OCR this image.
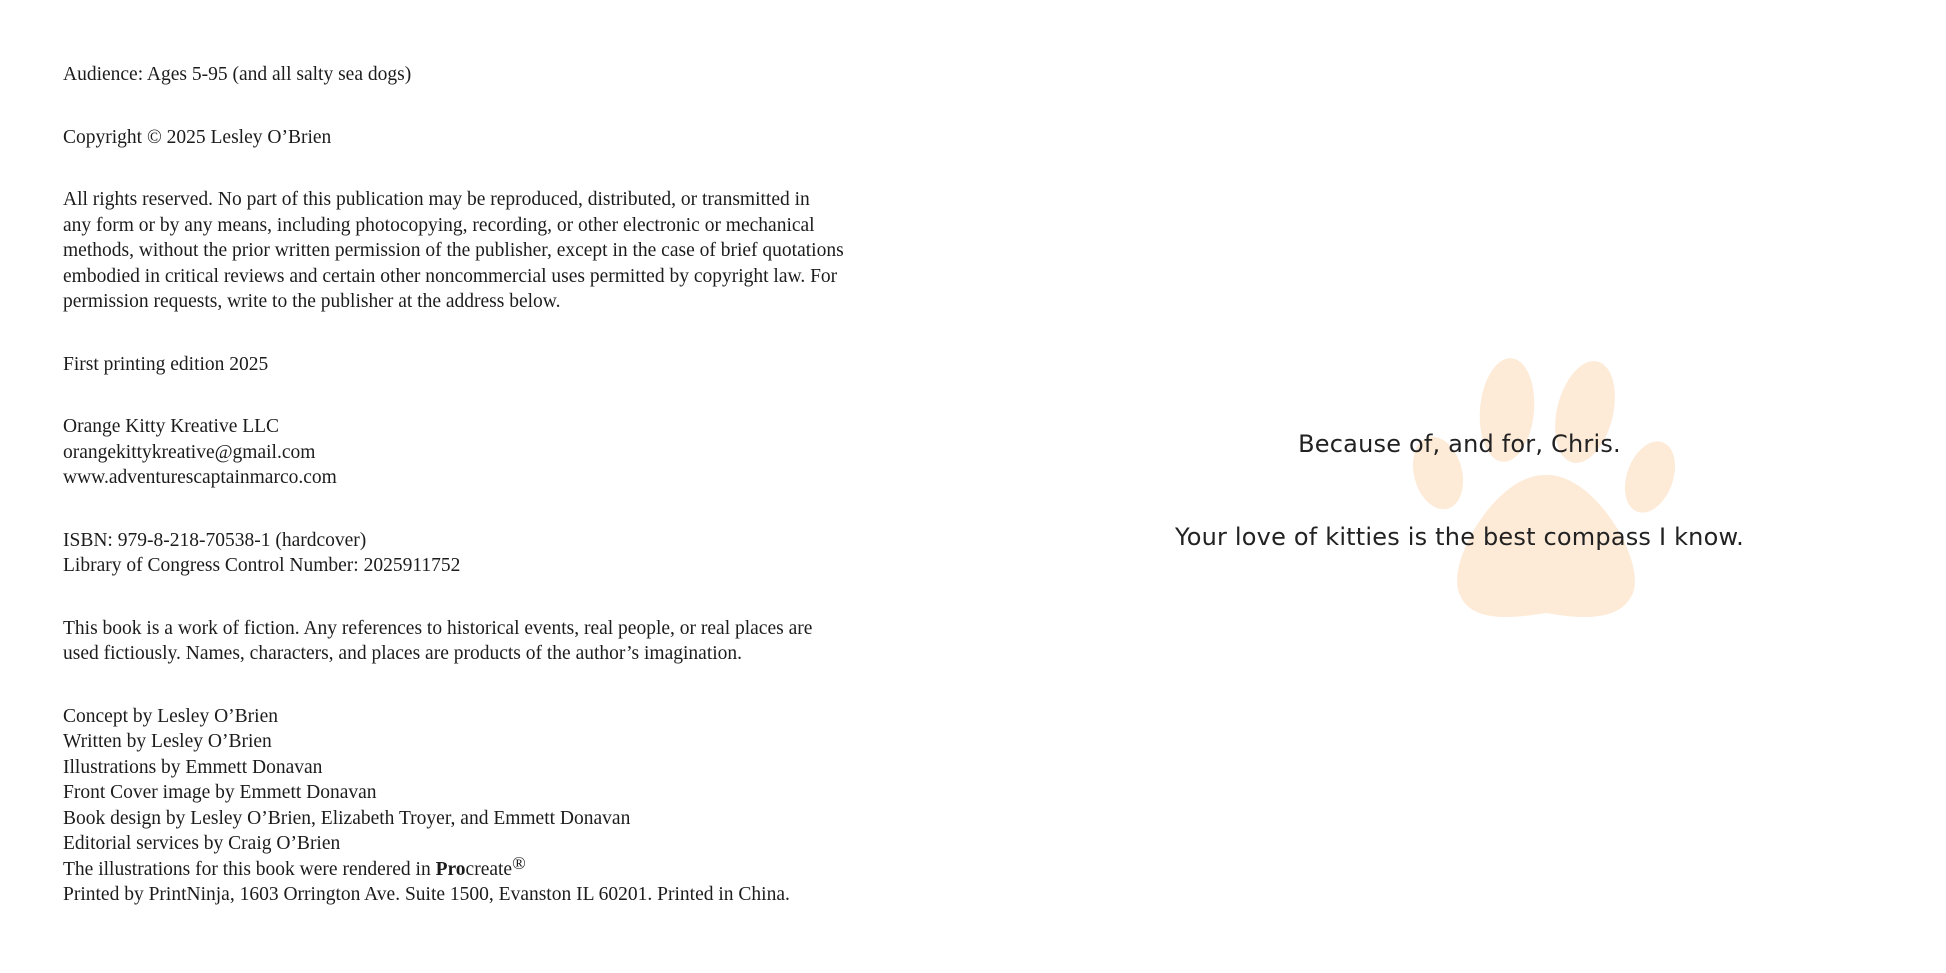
Audience: Ages 5-95 (and all salty sea dogs)
Copyright © 2025 Lesley O’Brien
All rights reserved. No part of this publication may be reproduced, distributed, or transmitted in
any form or by any means, including photocopying, recording, or other electronic or mechanical
methods, without the prior written permission of the publisher, except in the case of brief quotations
embodied in critical reviews and certain other noncommercial uses permitted by copyright law. For
permission requests, write to the publisher at the address below.
First printing edition 2025
Orange Kitty Kreative LLC
orangekittykreative@gmail.com
www.adventurescaptainmarco.com
ISBN: 979-8-218-70538-1 (hardcover)
Library of Congress Control Number: 2025911752
This book is a work of fiction. Any references to historical events, real people, or real places are
used fictiously. Names, characters, and places are products of the author’s imagination.
Concept by Lesley O’Brien
Written by Lesley O’Brien
Illustrations by Emmett Donavan
Front Cover image by Emmett Donavan
Book design by Lesley O’Brien, Elizabeth Troyer, and Emmett Donavan
Editorial services by Craig O’Brien
The illustrations for this book were rendered in Procreate®
Printed by PrintNinja, 1603 Orrington Ave. Suite 1500, Evanston IL 60201. Printed in China.
Because of, and for, Chris.
Your love of kitties is the best compass I know.
